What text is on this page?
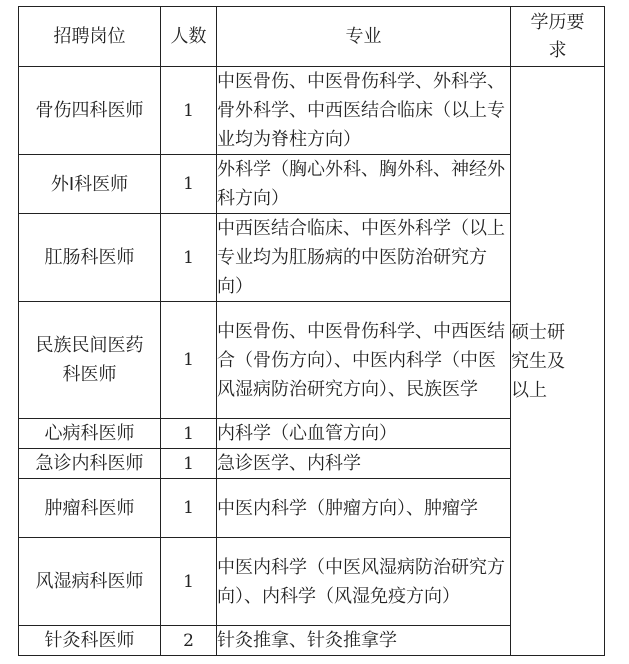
招聘岗位	人数	专业	学历要求
骨伤四科医师	1	中医骨伤、中医骨伤科学、外科学、骨外科学、中西医结合临床（以上专业均为脊柱方向）	硕士研究生及以上
外I科医师	1	外科学（胸心外科、胸外科、神经外科方向）	
肛肠科医师	1	中西医结合临床、中医外科学（以上专业均为肛肠病的中医防治研究方向）	
民族民间医药科医师	1	中医骨伤、中医骨伤科学、中西医结合（骨伤方向）、中医内科学（中医风湿病防治研究方向）、民族医学	
心病科医师	1	内科学（心血管方向）	
急诊内科医师	1	急诊医学、内科学	
肿瘤科医师	1	中医内科学（肿瘤方向）、肿瘤学	
风湿病科医师	1	中医内科学（中医风湿病防治研究方向）、内科学（风湿免疫方向）	
针灸科医师	2	针灸推拿、针灸推拿学	
